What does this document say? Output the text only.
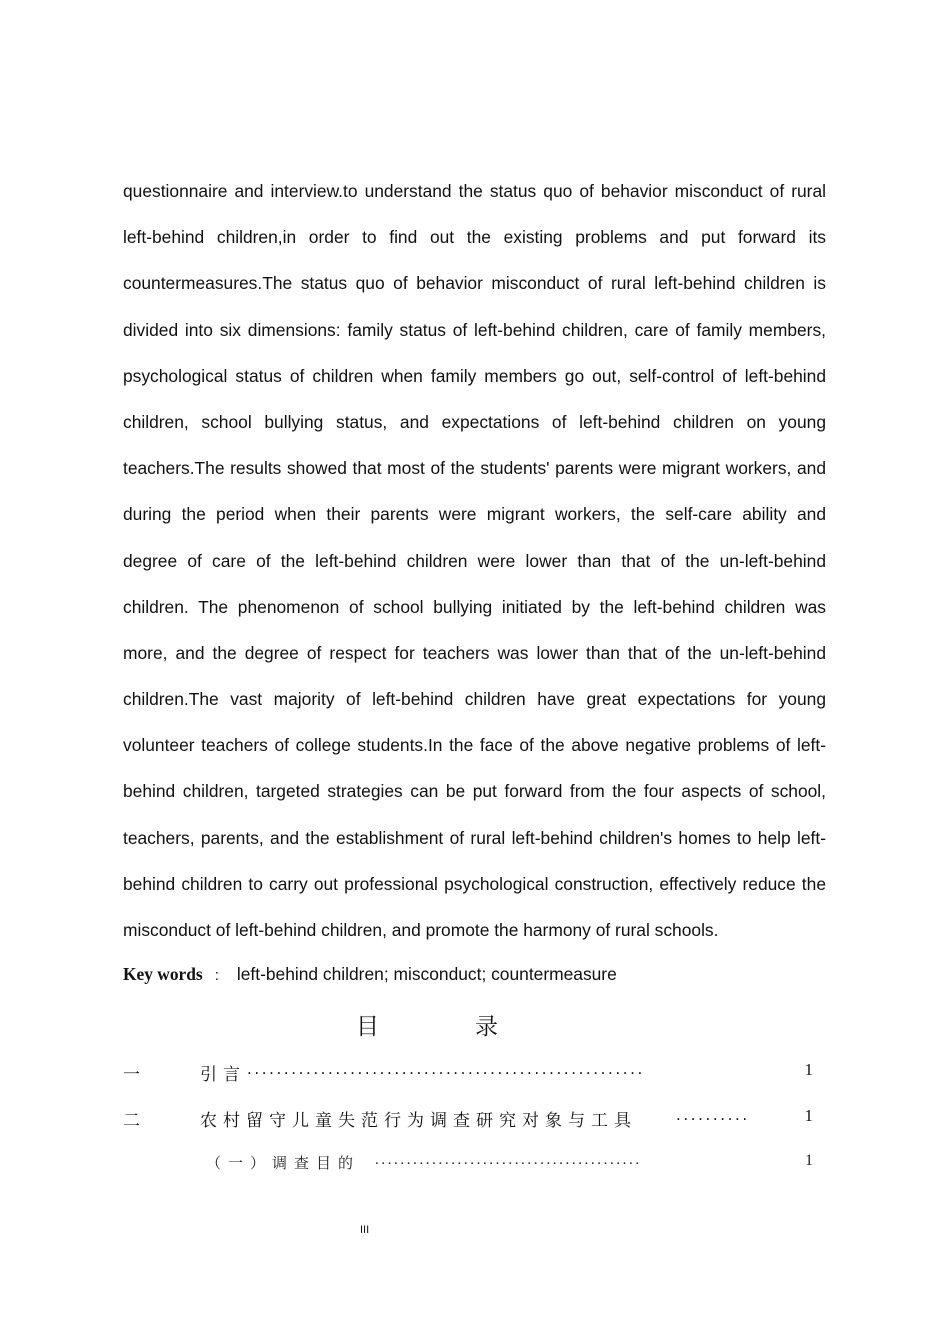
questionnaire and interview.to understand the status quo of behavior misconduct of rural
left-behind children,in order to find out the existing problems and put forward its
countermeasures.The status quo of behavior misconduct of rural left-behind children is
divided into six dimensions: family status of left-behind children, care of family members,
psychological status of children when family members go out, self-control of left-behind
children, school bullying status, and expectations of left-behind children on young
teachers.The results showed that most of the students' parents were migrant workers, and
during the period when their parents were migrant workers, the self-care ability and
degree of care of the left-behind children were lower than that of the un-left-behind
children. The phenomenon of school bullying initiated by the left-behind children was
more, and the degree of respect for teachers was lower than that of the un-left-behind
children.The vast majority of left-behind children have great expectations for young
volunteer teachers of college students.In the face of the above negative problems of left-
behind children, targeted strategies can be put forward from the four aspects of school,
teachers, parents, and the establishment of rural left-behind children's homes to help left-
behind children to carry out professional psychological construction, effectively reduce the
misconduct of left-behind children, and promote the harmony of rural schools.
Key words : left-behind children; misconduct; countermeasure
目录
一	引言 ......................................................	1
二	农村留守儿童失范行为调查研究对象与工具	..........	1
（一）调查目的 ..........................................	1
III
